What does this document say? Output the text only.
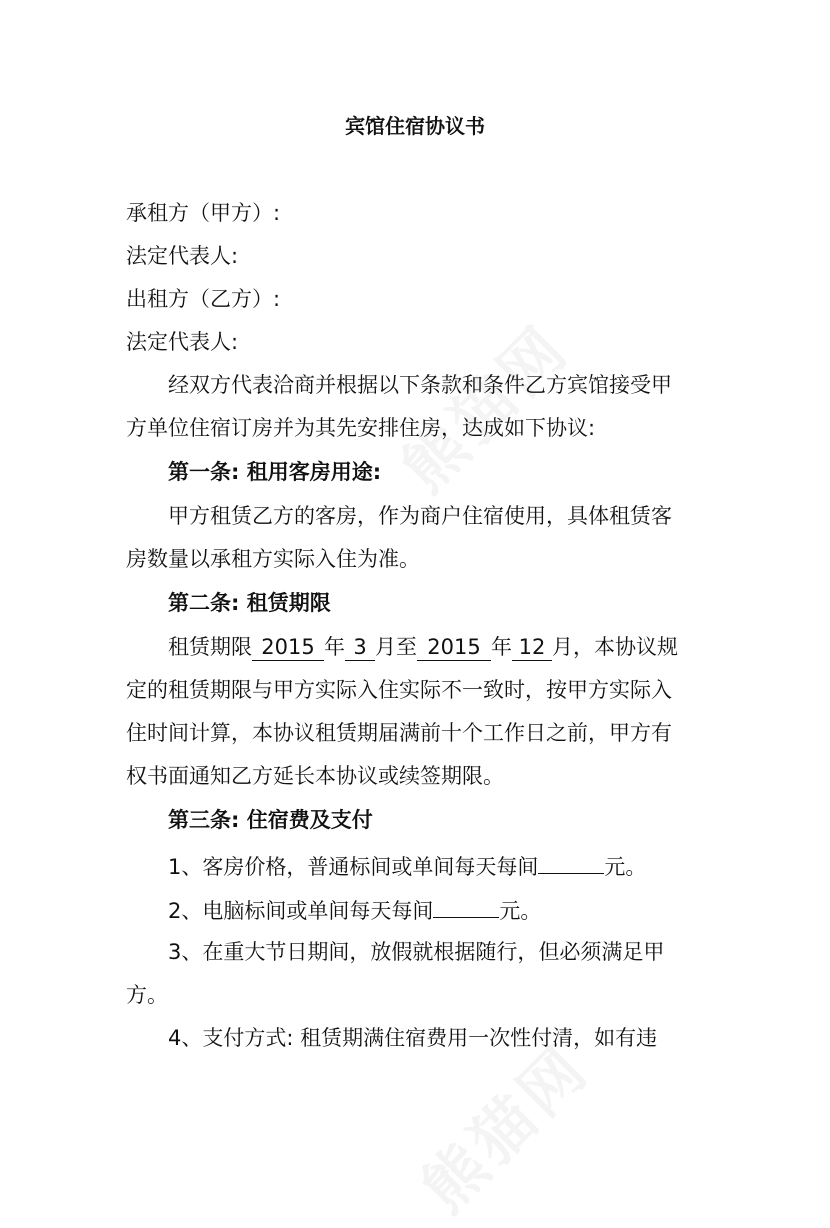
宾馆住宿协议书
承租方（甲方）:
法定代表人:
出租方（乙方）:
法定代表人:
经双方代表洽商并根据以下条款和条件乙方宾馆接受甲
方单位住宿订房并为其先安排住房，达成如下协议:
第一条: 租用客房用途:
甲方租赁乙方的客房，作为商户住宿使用，具体租赁客
房数量以承租方实际入住为准。
第二条: 租赁期限
租赁期限 2015 年 3 月至 2015 年 12 月，本协议规
定的租赁期限与甲方实际入住实际不一致时，按甲方实际入
住时间计算，本协议租赁期届满前十个工作日之前，甲方有
权书面通知乙方延长本协议或续签期限。
第三条: 住宿费及支付
1、客房价格，普通标间或单间每天每间	元。
2、电脑标间或单间每天每间	元。
3、在重大节日期间，放假就根据随行，但必须满足甲
方。
4、支付方式: 租赁期满住宿费用一次性付清，如有违
